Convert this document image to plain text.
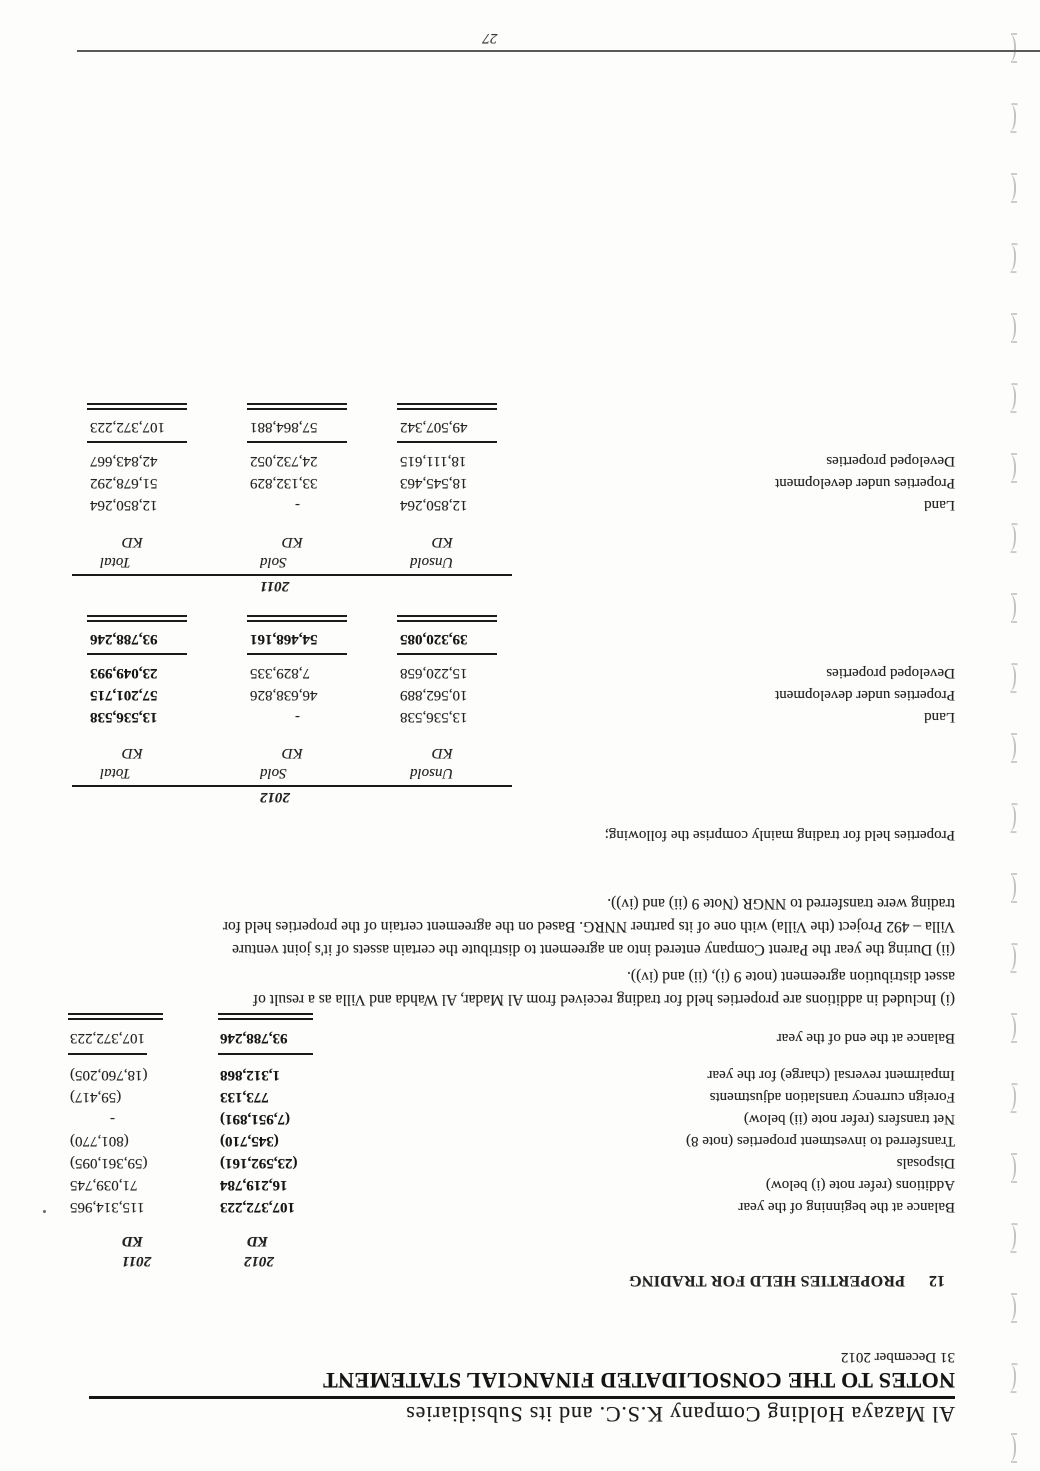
Al Mazaya Holding Company K.S.C. and its Subsidiaries
NOTES TO THE CONSOLIDATED FINANCIAL STATEMENT
31 December 2012
12
PROPERTIES HELD FOR TRADING
2012
2011
KD
KD
Balance at the beginning of the year
107,372,223
115,314,965
Additions (refer note (i) below)
16,219,784
71,039,745
Disposals
(23,592,161)
(59,361,095)
Transferred to investment properties (note 8)
(345,710)
(801,770)
Net transfers (refer note (ii) below)
(7,951,891)
-
Foreign currency translation adjustments
773,133
(59,417)
Impairment reversal (charge) for the year
1,312,868
(18,760,205)
Balance at the end of the year
93,788,246
107,372,223
(i) Included in additions are properties held for trading received from Al Madar, Al Wahda and Villa as a result of
asset distribution agreement (note 9 (i), (ii) and (iv)).
(ii) During the year the Parent Company entered into an agreement to distribute the certain assets of it's joint venture
Villa – 492 Project (the Villa) with one of its partner NNRG. Based on the agreement certain of the properties held for
trading were transferred to NNGR (Note 9 (ii) and (iv)).
Properties held for trading mainly comprise the following;
2012
Unsold
Sold
Total
KD
KD
KD
Land
13,536,538
-
13,536,538
Properties under development
10,562,889
46,638,826
57,201,715
Developed properties
15,220,658
7,829,335
23,049,993
39,320,085
54,468,161
93,788,246
2011
Unsold
Sold
Total
KD
KD
KD
Land
12,850,264
-
12,850,264
Properties under development
18,545,463
33,132,829
51,678,292
Developed properties
18,111,615
24,732,052
42,843,667
49,507,342
57,864,881
107,372,223
27
